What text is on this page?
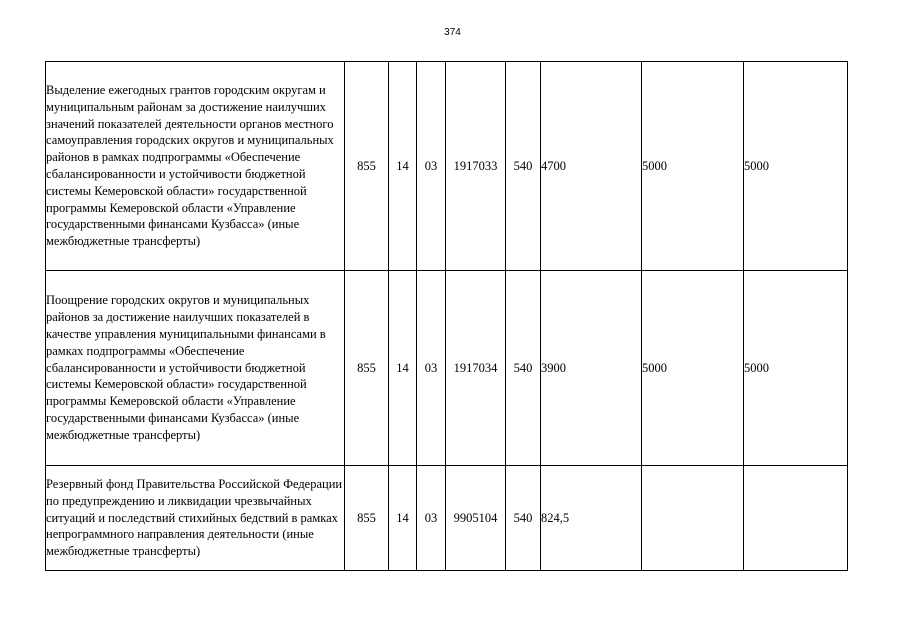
374
Выделение ежегодных грантов городским округам и муниципальным районам за достижение наилучших значений показателей деятельности органов местного самоуправления городских округов и муниципальных районов в рамках подпрограммы «Обеспечение сбалансированности и устойчивости бюджетной системы Кемеровской области» государственной программы Кемеровской области «Управление государственными финансами Кузбасса» (иные межбюджетные трансферты)	855	14	03	1917033	540	4700	5000	5000
Поощрение городских округов и муниципальных районов за достижение наилучших показателей в качестве управления муниципальными финансами в рамках подпрограммы «Обеспечение сбалансированности и устойчивости бюджетной системы Кемеровской области» государственной программы Кемеровской области «Управление государственными финансами Кузбасса» (иные межбюджетные трансферты)	855	14	03	1917034	540	3900	5000	5000
Резервный фонд Правительства Российской Федерации по предупреждению и ликвидации чрезвычайных ситуаций и последствий стихийных бедствий в рамках непрограммного направления деятельности (иные межбюджетные трансферты)	855	14	03	9905104	540	824,5		
